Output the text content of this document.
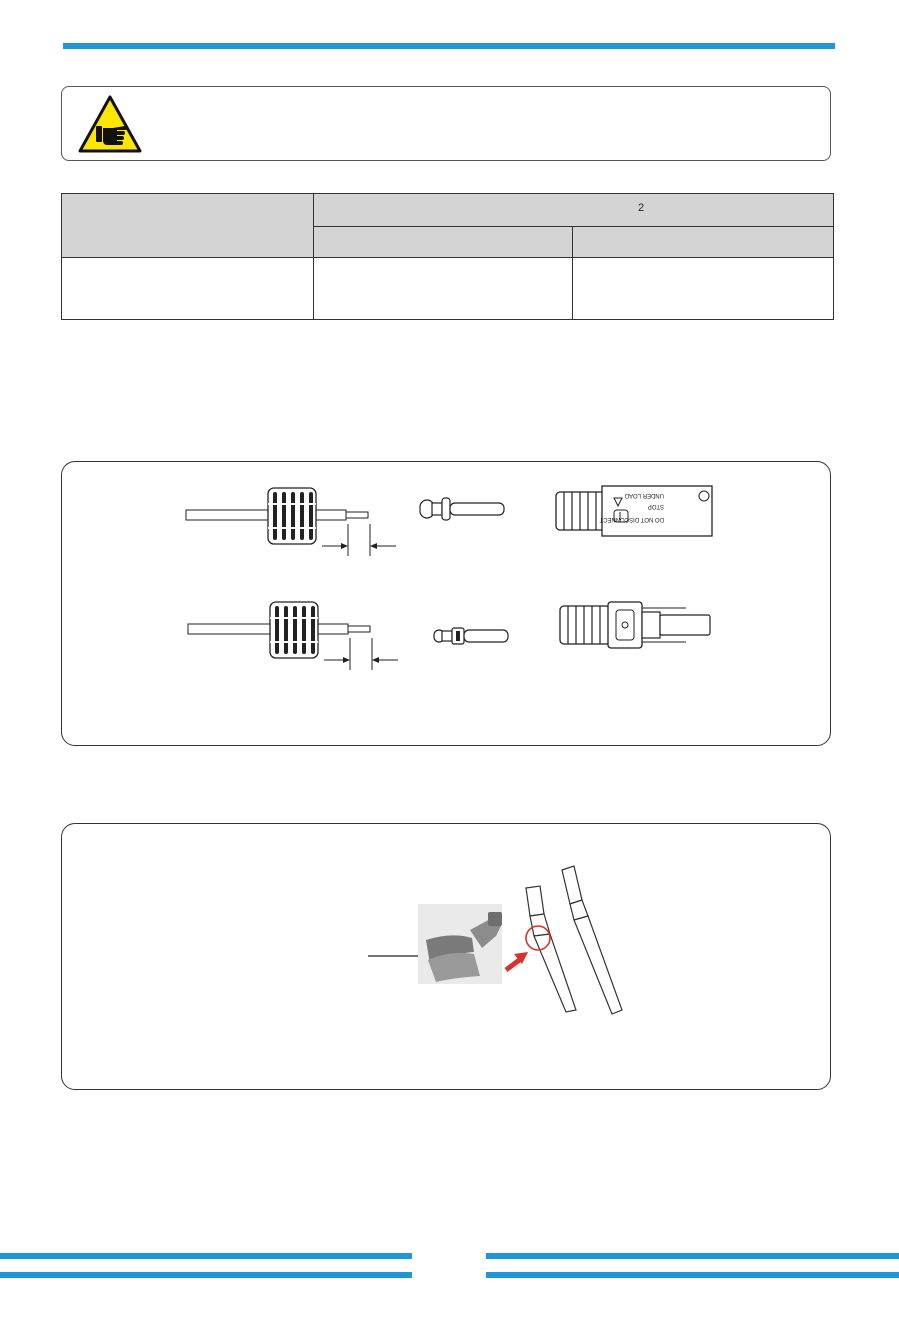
	2	

UNDER LOAD
STOP
DO NOT DISCONNECT
